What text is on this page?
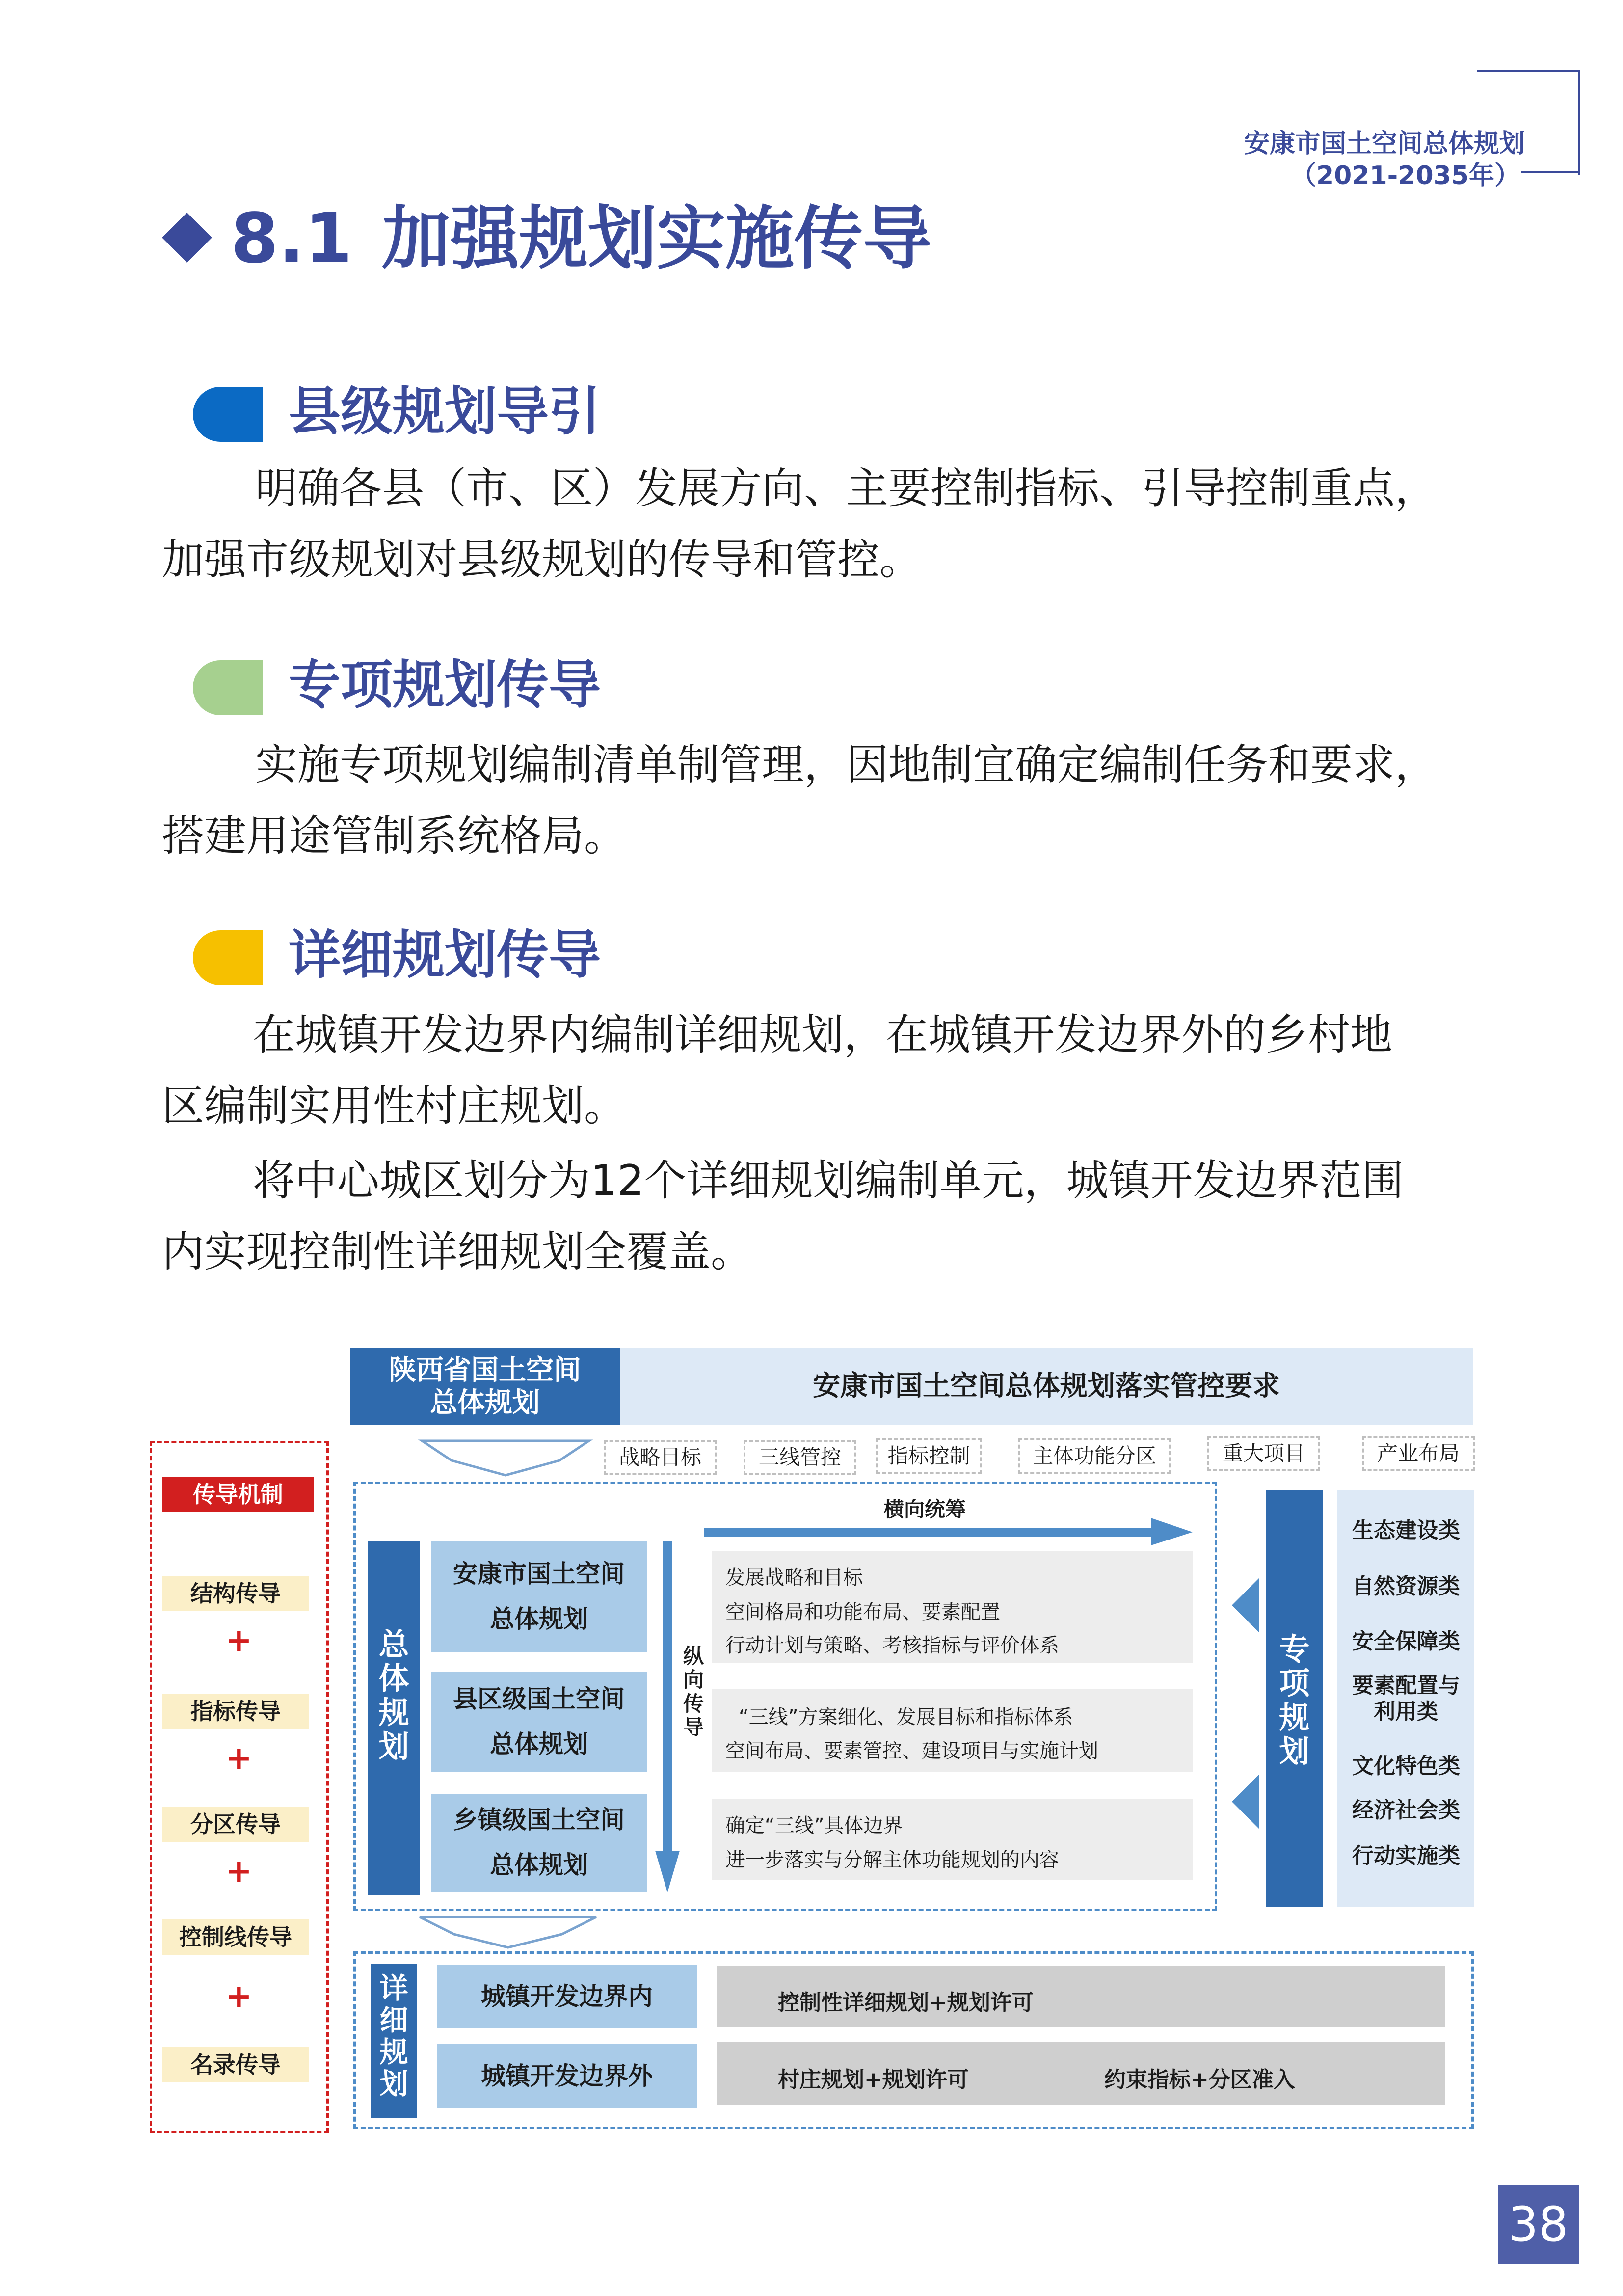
安康市国土空间总体规划
（2021-2035年）
8.1 加强规划实施传导
县级规划导引
明确各县（市、区）发展方向、主要控制指标、引导控制重点，
加强市级规划对县级规划的传导和管控。
专项规划传导
实施专项规划编制清单制管理，因地制宜确定编制任务和要求，
搭建用途管制系统格局。
详细规划传导
在城镇开发边界内编制详细规划，在城镇开发边界外的乡村地
区编制实用性村庄规划。
将中心城区划分为12个详细规划编制单元，城镇开发边界范围
内实现控制性详细规划全覆盖。
陕西省国土空间
总体规划
安康市国土空间总体规划落实管控要求
战略目标	三线管控	指标控制	主体功能分区	重大项目	产业布局
传导机制
结构传导
+
指标传导
+
分区传导
+
控制线传导
+
名录传导
横向统筹
总
体
规
划
安康市国土空间
总体规划
县区级国土空间
总体规划
乡镇级国土空间
总体规划
纵
向
传
导
发展战略和目标
空间格局和功能布局、要素配置
行动计划与策略、考核指标与评价体系
“三线”方案细化、发展目标和指标体系
空间布局、要素管控、建设项目与实施计划
确定“三线”具体边界
进一步落实与分解主体功能规划的内容
专
项
规
划
生态建设类
自然资源类
安全保障类
要素配置与
利用类
文化特色类
经济社会类
行动实施类
详
细
规
划
城镇开发边界内
城镇开发边界外
控制性详细规划+规划许可
村庄规划+规划许可	约束指标+分区准入
38
